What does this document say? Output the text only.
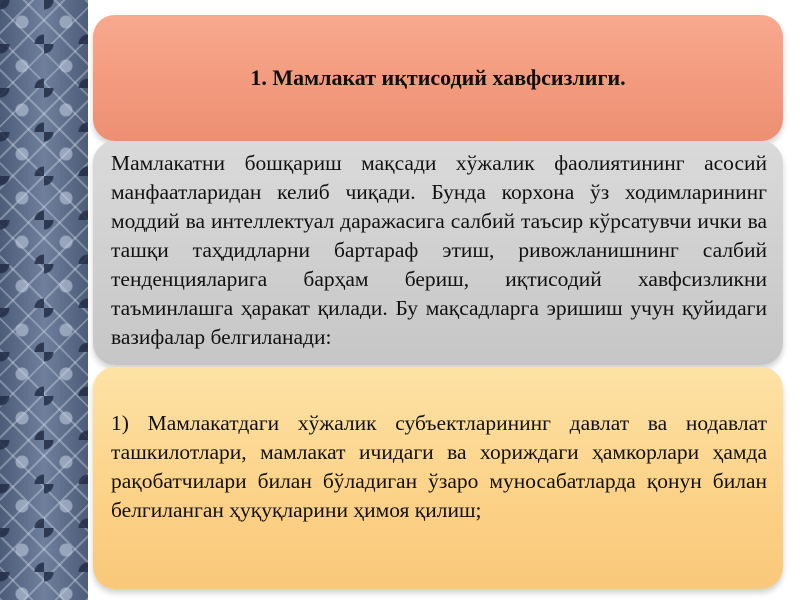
1. Мамлакат иқтисодий хавфсизлиги.

Мамлакатни бошқариш мақсади хўжалик фаолиятининг асосий манфаатларидан келиб чиқади. Бунда корхона ўз ходимларининг моддий ва интеллектуал даражасига салбий таъсир кўрсатувчи ички ва ташқи таҳдидларни бартараф этиш, ривожланишнинг салбий тенденцияларига барҳам бериш, иқтисодий хавфсизликни таъминлашга ҳаракат қилади. Бу мақсадларга эришиш учун қуйидаги вазифалар белгиланади:

1) Мамлакатдаги хўжалик субъектларининг давлат ва нодавлат ташкилотлари, мамлакат ичидаги ва хориждаги ҳамкорлари ҳамда рақобатчилари билан бўладиган ўзаро муносабатларда қонун билан белгиланган ҳуқуқларини ҳимоя қилиш;
